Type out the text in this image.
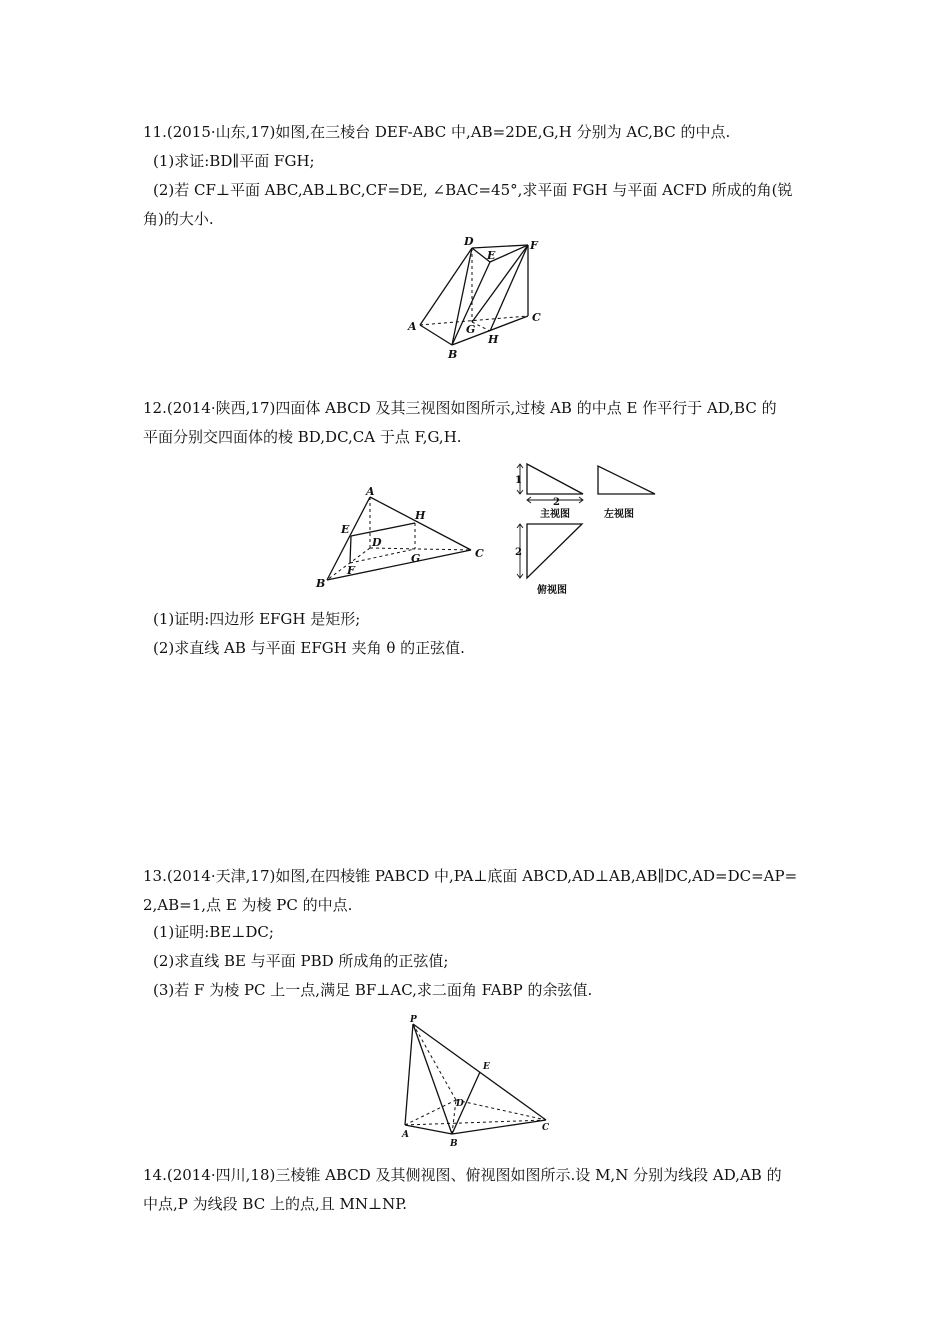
11.(2015·山东,17)如图,在三棱台 DEF-ABC 中,AB=2DE,G,H 分别为 AC,BC 的中点.
(1)求证:BD∥平面 FGH;
(2)若 CF⊥平面 ABC,AB⊥BC,CF=DE, ∠BAC=45°,求平面 FGH 与平面 ACFD 所成的角(锐
角)的大小.
D
E
F
A	G
C
B
H
12.(2014·陕西,17)四面体 ABCD 及其三视图如图所示,过棱 AB 的中点 E 作平行于 AD,BC 的
平面分别交四面体的棱 BD,DC,CA 于点 F,G,H.
A
E
H
D
G	C
F
B
1
2
2
主视图	左视图
俯视图
(1)证明:四边形 EFGH 是矩形;
(2)求直线 AB 与平面 EFGH 夹角 θ 的正弦值.
13.(2014·天津,17)如图,在四棱锥 PABCD 中,PA⊥底面 ABCD,AD⊥AB,AB∥DC,AD=DC=AP=
2,AB=1,点 E 为棱 PC 的中点.
(1)证明:BE⊥DC;
(2)求直线 BE 与平面 PBD 所成角的正弦值;
(3)若 F 为棱 PC 上一点,满足 BF⊥AC,求二面角 FABP 的余弦值.
P
E
D
A
B
C
14.(2014·四川,18)三棱锥 ABCD 及其侧视图、俯视图如图所示.设 M,N 分别为线段 AD,AB 的
中点,P 为线段 BC 上的点,且 MN⊥NP.
